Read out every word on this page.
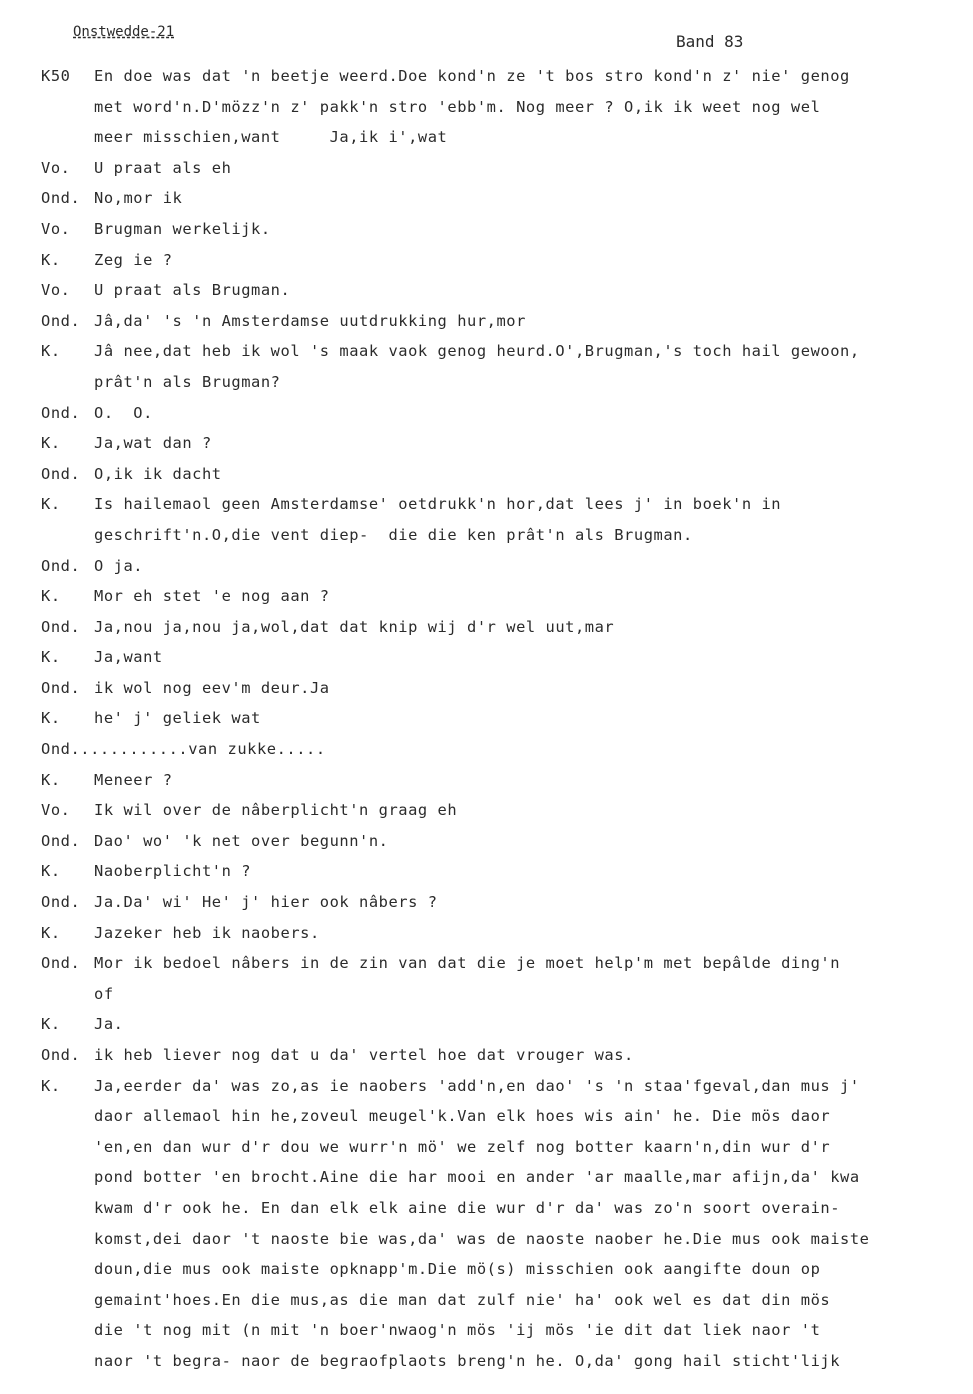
Onstwedde-21	Band 83
K50 En doe was dat 'n beetje weerd.Doe kond'n ze 't bos stro kond'n z' nie' genog
met word'n.D'mözz'n z' pakk'n stro 'ebb'm. Nog meer ? O,ik ik weet nog wel
meer misschien,want     Ja,ik i',wat
Vo. U praat als eh
Ond. No,mor ik
Vo. Brugman werkelijk.
K. Zeg ie ?
Vo. U praat als Brugman.
Ond. Jâ,da' 's 'n Amsterdamse uutdrukking hur,mor
K. Jâ nee,dat heb ik wol 's maak vaok genog heurd.O',Brugman,'s toch hail gewoon,
prât'n als Brugman?
Ond. O.  O.
K. Ja,wat dan ?
Ond. O,ik ik dacht
K. Is hailemaol geen Amsterdamse' oetdrukk'n hor,dat lees j' in boek'n in
geschrift'n.O,die vent diep-  die die ken prât'n als Brugman.
Ond. O ja.
K. Mor eh stet 'e nog aan ?
Ond. Ja,nou ja,nou ja,wol,dat dat knip wij d'r wel uut,mar
K. Ja,want
Ond. ik wol nog eev'm deur.Ja
K. he' j' geliek wat
Ond............van zukke.....
K. Meneer ?
Vo. Ik wil over de nâberplicht'n graag eh
Ond. Dao' wo' 'k net over begunn'n.
K. Naoberplicht'n ?
Ond. Ja.Da' wi' He' j' hier ook nâbers ?
K. Jazeker heb ik naobers.
Ond. Mor ik bedoel nâbers in de zin van dat die je moet help'm met bepâlde ding'n
of
K. Ja.
Ond. ik heb liever nog dat u da' vertel hoe dat vrouger was.
K. Ja,eerder da' was zo,as ie naobers 'add'n,en dao' 's 'n staa'fgeval,dan mus j'
daor allemaol hin he,zoveul meugel'k.Van elk hoes wis ain' he. Die mös daor
'en,en dan wur d'r dou we wurr'n mö' we zelf nog botter kaarn'n,din wur d'r
pond botter 'en brocht.Aine die har mooi en ander 'ar maalle,mar afijn,da' kwa
kwam d'r ook he. En dan elk elk aine die wur d'r da' was zo'n soort overain-
komst,dei daor 't naoste bie was,da' was de naoste naober he.Die mus ook maiste
doun,die mus ook maiste opknapp'm.Die mö(s) misschien ook aangifte doun op
gemaint'hoes.En die mus,as die man dat zulf nie' ha' ook wel es dat din mös
die 't nog mit (n mit 'n boer'nwaog'n mös 'ij mös 'ie dit dat liek naor 't
naor 't begra- naor de begraofplaots breng'n he. O,da' gong hail sticht'lijk
